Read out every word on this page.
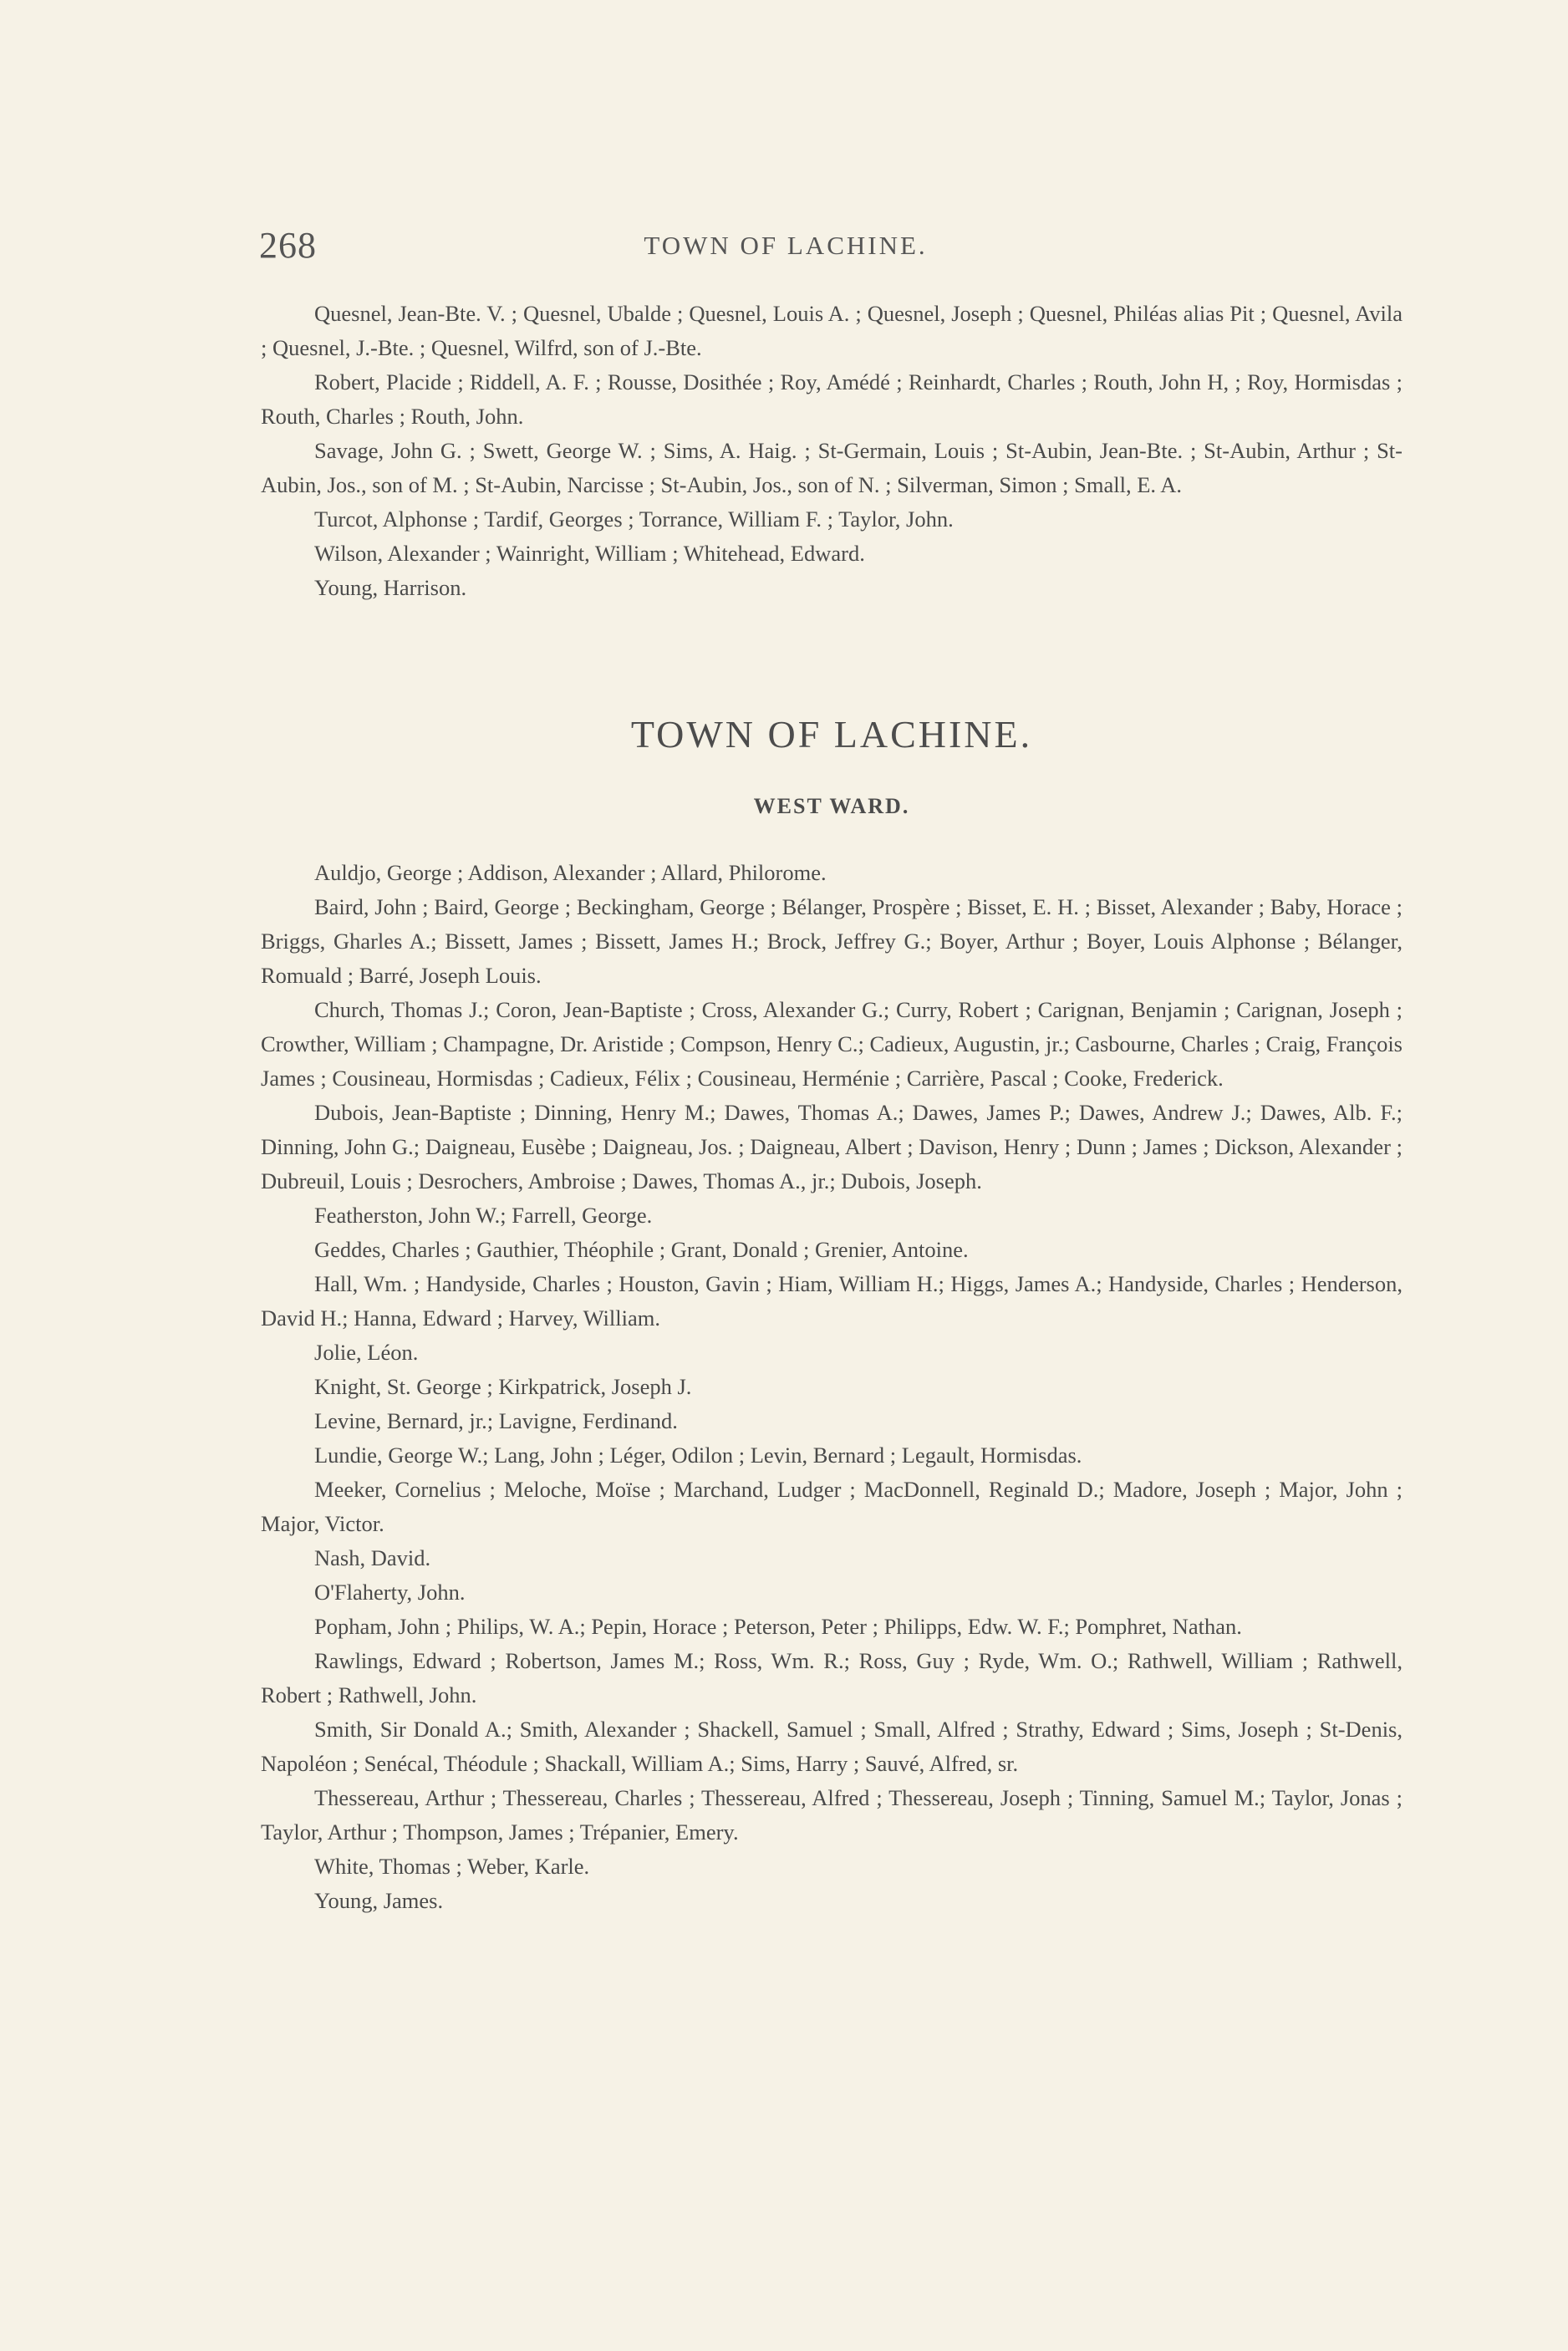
268	TOWN OF LACHINE.

Quesnel, Jean-Bte. V. ; Quesnel, Ubalde ; Quesnel, Louis A. ; Quesnel, Joseph ; Quesnel, Philéas alias Pit ; Quesnel, Avila ; Quesnel, J.-Bte. ; Quesnel, Wilfrd, son of J.-Bte.

Robert, Placide ; Riddell, A. F. ; Rousse, Dosithée ; Roy, Amédé ; Reinhardt, Charles ; Routh, John H, ; Roy, Hormisdas ; Routh, Charles ; Routh, John.

Savage, John G. ; Swett, George W. ; Sims, A. Haig. ; St-Germain, Louis ; St-Aubin, Jean-Bte. ; St-Aubin, Arthur ; St-Aubin, Jos., son of M. ; St-Aubin, Narcisse ; St-Aubin, Jos., son of N. ; Silverman, Simon ; Small, E. A.

Turcot, Alphonse ; Tardif, Georges ; Torrance, William F. ; Taylor, John.

Wilson, Alexander ; Wainright, William ; Whitehead, Edward.

Young, Harrison.

TOWN OF LACHINE.
WEST WARD.

Auldjo, George ; Addison, Alexander ; Allard, Philorome.

Baird, John ; Baird, George ; Beckingham, George ; Bélanger, Prospère ; Bisset, E. H. ; Bisset, Alexander ; Baby, Horace ; Briggs, Gharles A.; Bissett, James ; Bissett, James H.; Brock, Jeffrey G.; Boyer, Arthur ; Boyer, Louis Alphonse ; Bélanger, Romuald ; Barré, Joseph Louis.

Church, Thomas J.; Coron, Jean-Baptiste ; Cross, Alexander G.; Curry, Robert ; Carignan, Benjamin ; Carignan, Joseph ; Crowther, William ; Champagne, Dr. Aristide ; Compson, Henry C.; Cadieux, Augustin, jr.; Casbourne, Charles ; Craig, François James ; Cousineau, Hormisdas ; Cadieux, Félix ; Cousineau, Herménie ; Carrière, Pascal ; Cooke, Frederick.

Dubois, Jean-Baptiste ; Dinning, Henry M.; Dawes, Thomas A.; Dawes, James P.; Dawes, Andrew J.; Dawes, Alb. F.; Dinning, John G.; Daigneau, Eusèbe ; Daigneau, Jos. ; Daigneau, Albert ; Davison, Henry ; Dunn ; James ; Dickson, Alexander ; Dubreuil, Louis ; Desrochers, Ambroise ; Dawes, Thomas A., jr.; Dubois, Joseph.

Featherston, John W.; Farrell, George.

Geddes, Charles ; Gauthier, Théophile ; Grant, Donald ; Grenier, Antoine.

Hall, Wm. ; Handyside, Charles ; Houston, Gavin ; Hiam, William H.; Higgs, James A.; Handyside, Charles ; Henderson, David H.; Hanna, Edward ; Harvey, William.

Jolie, Léon.

Knight, St. George ; Kirkpatrick, Joseph J.

Levine, Bernard, jr.; Lavigne, Ferdinand.

Lundie, George W.; Lang, John ; Léger, Odilon ; Levin, Bernard ; Legault, Hormisdas.

Meeker, Cornelius ; Meloche, Moïse ; Marchand, Ludger ; MacDonnell, Reginald D.; Madore, Joseph ; Major, John ; Major, Victor.

Nash, David.

O'Flaherty, John.

Popham, John ; Philips, W. A.; Pepin, Horace ; Peterson, Peter ; Philipps, Edw. W. F.; Pomphret, Nathan.

Rawlings, Edward ; Robertson, James M.; Ross, Wm. R.; Ross, Guy ; Ryde, Wm. O.; Rathwell, William ; Rathwell, Robert ; Rathwell, John.

Smith, Sir Donald A.; Smith, Alexander ; Shackell, Samuel ; Small, Alfred ; Strathy, Edward ; Sims, Joseph ; St-Denis, Napoléon ; Senécal, Théodule ; Shackall, William A.; Sims, Harry ; Sauvé, Alfred, sr.

Thessereau, Arthur ; Thessereau, Charles ; Thessereau, Alfred ; Thessereau, Joseph ; Tinning, Samuel M.; Taylor, Jonas ; Taylor, Arthur ; Thompson, James ; Trépanier, Emery.

White, Thomas ; Weber, Karle.

Young, James.
